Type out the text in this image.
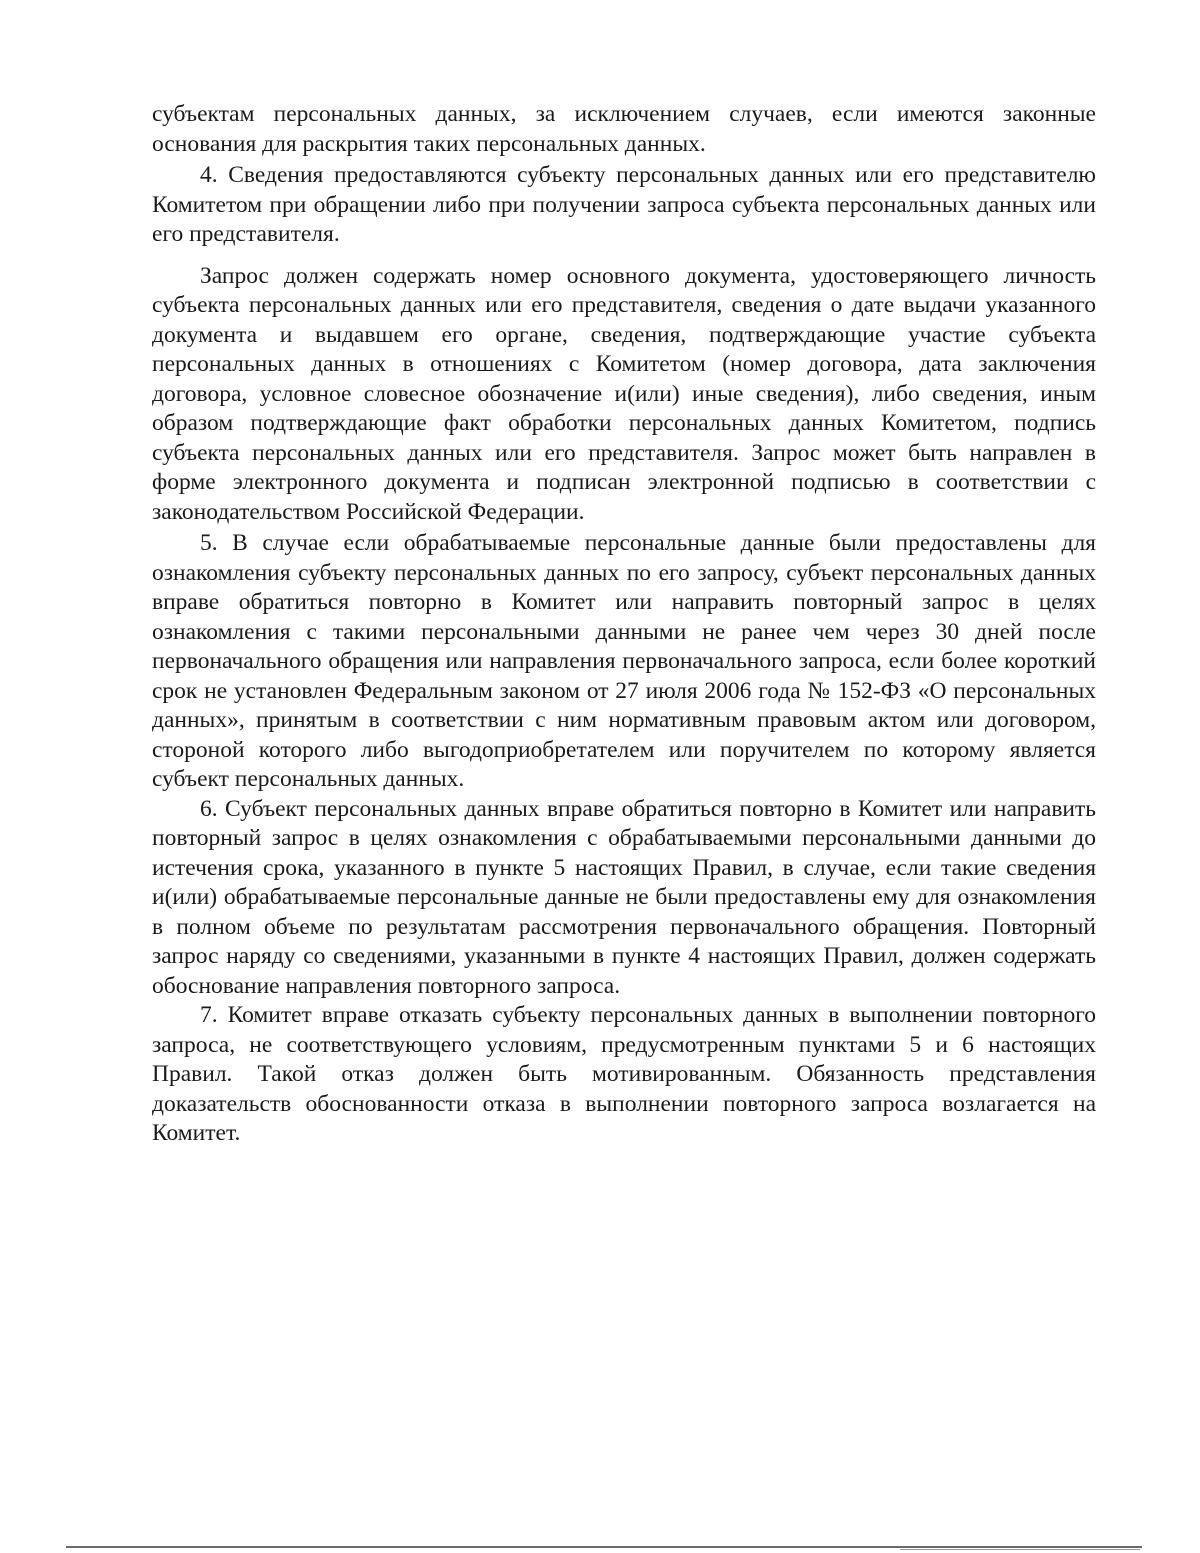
субъектам персональных данных, за исключением случаев, если имеются законные основания для раскрытия таких персональных данных.

4. Сведения предоставляются субъекту персональных данных или его представителю Комитетом при обращении либо при получении запроса субъекта персональных данных или его представителя.

Запрос должен содержать номер основного документа, удостоверяющего личность субъекта персональных данных или его представителя, сведения о дате выдачи указанного документа и выдавшем его органе, сведения, подтверждающие участие субъекта персональных данных в отношениях с Комитетом (номер договора, дата заключения договора, условное словесное обозначение и(или) иные сведения), либо сведения, иным образом подтверждающие факт обработки персональных данных Комитетом, подпись субъекта персональных данных или его представителя. Запрос может быть направлен в форме электронного документа и подписан электронной подписью в соответствии с законодательством Российской Федерации.

5. В случае если обрабатываемые персональные данные были предоставлены для ознакомления субъекту персональных данных по его запросу, субъект персональных данных вправе обратиться повторно в Комитет или направить повторный запрос в целях ознакомления с такими персональными данными не ранее чем через 30 дней после первоначального обращения или направления первоначального запроса, если более короткий срок не установлен Федеральным законом от 27 июля 2006 года № 152-ФЗ «О персональных данных», принятым в соответствии с ним нормативным правовым актом или договором, стороной которого либо выгодоприобретателем или поручителем по которому является субъект персональных данных.

6. Субъект персональных данных вправе обратиться повторно в Комитет или направить повторный запрос в целях ознакомления с обрабатываемыми персональными данными до истечения срока, указанного в пункте 5 настоящих Правил, в случае, если такие сведения и(или) обрабатываемые персональные данные не были предоставлены ему для ознакомления в полном объеме по результатам рассмотрения первоначального обращения. Повторный запрос наряду со сведениями, указанными в пункте 4 настоящих Правил, должен содержать обоснование направления повторного запроса.

7. Комитет вправе отказать субъекту персональных данных в выполнении повторного запроса, не соответствующего условиям, предусмотренным пунктами 5 и 6 настоящих Правил. Такой отказ должен быть мотивированным. Обязанность представления доказательств обоснованности отказа в выполнении повторного запроса возлагается на Комитет.
